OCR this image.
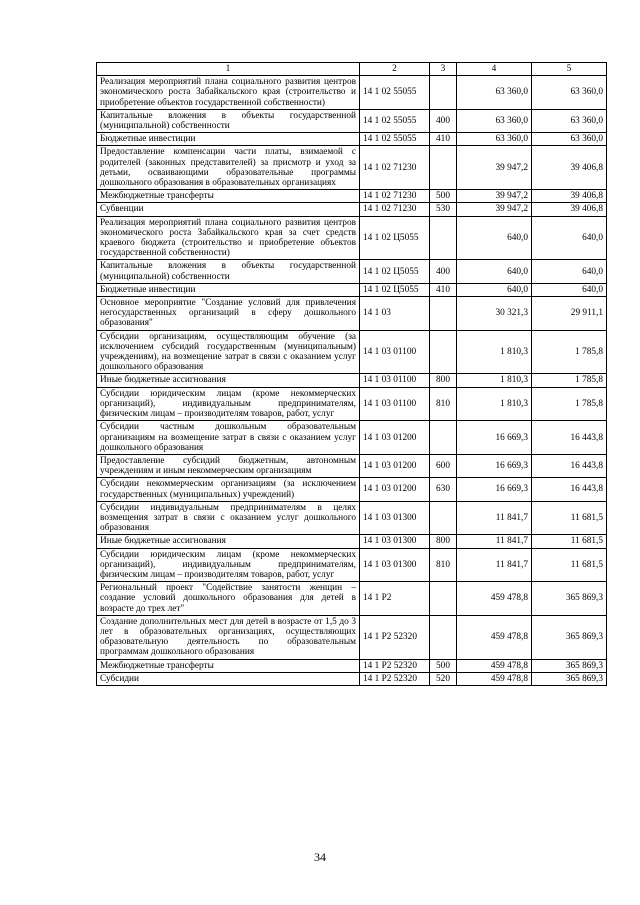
1	2	3	4	5
Реализация мероприятий плана социального развития центров экономического роста Забайкальского края (строительство и приобретение объектов государственной собственности)	14 1 02 55055		63 360,0	63 360,0
Капитальные вложения в объекты государственной (муниципальной) собственности	14 1 02 55055	400	63 360,0	63 360,0
Бюджетные инвестиции	14 1 02 55055	410	63 360,0	63 360,0
Предоставление компенсации части платы, взимаемой с родителей (законных представителей) за присмотр и уход за детьми, осваивающими образовательные программы дошкольного образования в образовательных организациях	14 1 02 71230		39 947,2	39 406,8
Межбюджетные трансферты	14 1 02 71230	500	39 947,2	39 406,8
Субвенции	14 1 02 71230	530	39 947,2	39 406,8
Реализация мероприятий плана социального развития центров экономического роста Забайкальского края за счет средств краевого бюджета (строительство и приобретение объектов государственной собственности)	14 1 02 Ц5055		640,0	640,0
Капитальные вложения в объекты государственной (муниципальной) собственности	14 1 02 Ц5055	400	640,0	640,0
Бюджетные инвестиции	14 1 02 Ц5055	410	640,0	640,0
Основное мероприятие "Создание условий для привлечения негосударственных организаций в сферу дошкольного образования"	14 1 03		30 321,3	29 911,1
Субсидии организациям, осуществляющим обучение (за исключением субсидий государственным (муниципальным) учреждениям), на возмещение затрат в связи с оказанием услуг дошкольного образования	14 1 03 01100		1 810,3	1 785,8
Иные бюджетные ассигнования	14 1 03 01100	800	1 810,3	1 785,8
Субсидии юридическим лицам (кроме некоммерческих организаций), индивидуальным предпринимателям, физическим лицам – производителям товаров, работ, услуг	14 1 03 01100	810	1 810,3	1 785,8
Субсидии частным дошкольным образовательным организациям на возмещение затрат в связи с оказанием услуг дошкольного образования	14 1 03 01200		16 669,3	16 443,8
Предоставление субсидий бюджетным, автономным учреждениям и иным некоммерческим организациям	14 1 03 01200	600	16 669,3	16 443,8
Субсидии некоммерческим организациям (за исключением государственных (муниципальных) учреждений)	14 1 03 01200	630	16 669,3	16 443,8
Субсидии индивидуальным предпринимателям в целях возмещения затрат в связи с оказанием услуг дошкольного образования	14 1 03 01300		11 841,7	11 681,5
Иные бюджетные ассигнования	14 1 03 01300	800	11 841,7	11 681,5
Субсидии юридическим лицам (кроме некоммерческих организаций), индивидуальным предпринимателям, физическим лицам – производителям товаров, работ, услуг	14 1 03 01300	810	11 841,7	11 681,5
Региональный проект "Содействие занятости женщин – создание условий дошкольного образования для детей в возрасте до трех лет"	14 1 P2		459 478,8	365 869,3
Создание дополнительных мест для детей в возрасте от 1,5 до 3 лет в образовательных организациях, осуществляющих образовательную деятельность по образовательным программам дошкольного образования	14 1 P2 52320		459 478,8	365 869,3
Межбюджетные трансферты	14 1 P2 52320	500	459 478,8	365 869,3
Субсидии	14 1 P2 52320	520	459 478,8	365 869,3
34
